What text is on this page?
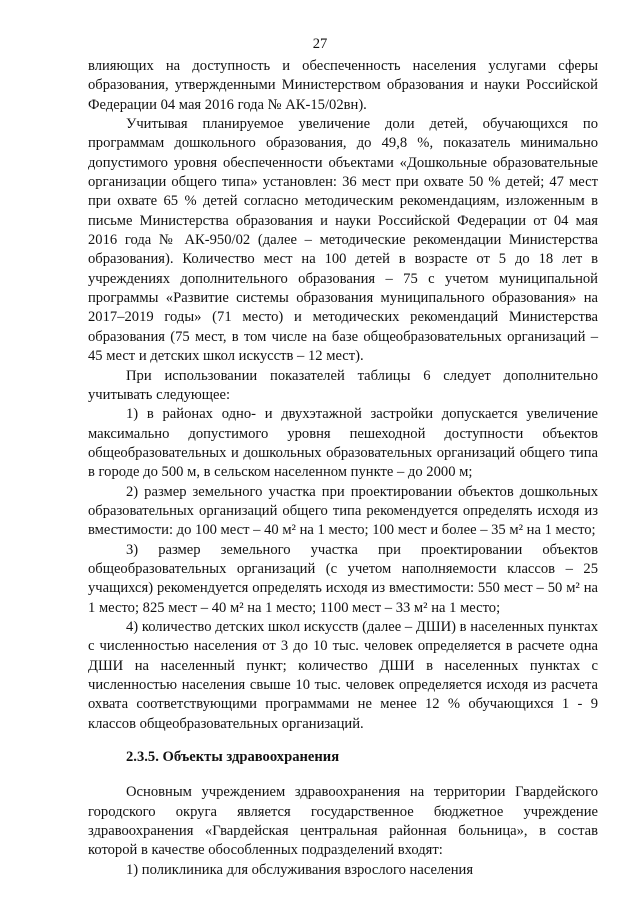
27

влияющих на доступность и обеспеченность населения услугами сферы образования, утвержденными Министерством образования и науки Российской Федерации 04 мая 2016 года № АК-15/02вн).

Учитывая планируемое увеличение доли детей, обучающихся по программам дошкольного образования, до 49,8 %, показатель минимально допустимого уровня обеспеченности объектами «Дошкольные образовательные организации общего типа» установлен: 36 мест при охвате 50 % детей; 47 мест при охвате 65 % детей согласно методическим рекомендациям, изложенным в письме Министерства образования и науки Российской Федерации от 04 мая 2016 года № АК-950/02 (далее – методические рекомендации Министерства образования). Количество мест на 100 детей в возрасте от 5 до 18 лет в учреждениях дополнительного образования – 75 с учетом муниципальной программы «Развитие системы образования муниципального образования» на 2017–2019 годы» (71 место) и методических рекомендаций Министерства образования (75 мест, в том числе на базе общеобразовательных организаций – 45 мест и детских школ искусств – 12 мест).

При использовании показателей таблицы 6 следует дополнительно учитывать следующее:

1) в районах одно- и двухэтажной застройки допускается увеличение максимально допустимого уровня пешеходной доступности объектов общеобразовательных и дошкольных образовательных организаций общего типа в городе до 500 м, в сельском населенном пункте – до 2000 м;

2) размер земельного участка при проектировании объектов дошкольных образовательных организаций общего типа рекомендуется определять исходя из вместимости: до 100 мест – 40 м² на 1 место; 100 мест и более – 35 м² на 1 место;

3) размер земельного участка при проектировании объектов общеобразовательных организаций (с учетом наполняемости классов – 25 учащихся) рекомендуется определять исходя из вместимости: 550 мест – 50 м² на 1 место; 825 мест – 40 м² на 1 место; 1100 мест – 33 м² на 1 место;

4) количество детских школ искусств (далее – ДШИ) в населенных пунктах с численностью населения от 3 до 10 тыс. человек определяется в расчете одна ДШИ на населенный пункт; количество ДШИ в населенных пунктах с численностью населения свыше 10 тыс. человек определяется исходя из расчета охвата соответствующими программами не менее 12 % обучающихся 1 - 9 классов общеобразовательных организаций.

2.3.5. Объекты здравоохранения

Основным учреждением здравоохранения на территории Гвардейского городского округа является государственное бюджетное учреждение здравоохранения «Гвардейская центральная районная больница», в состав которой в качестве обособленных подразделений входят:

1) поликлиника для обслуживания взрослого населения
